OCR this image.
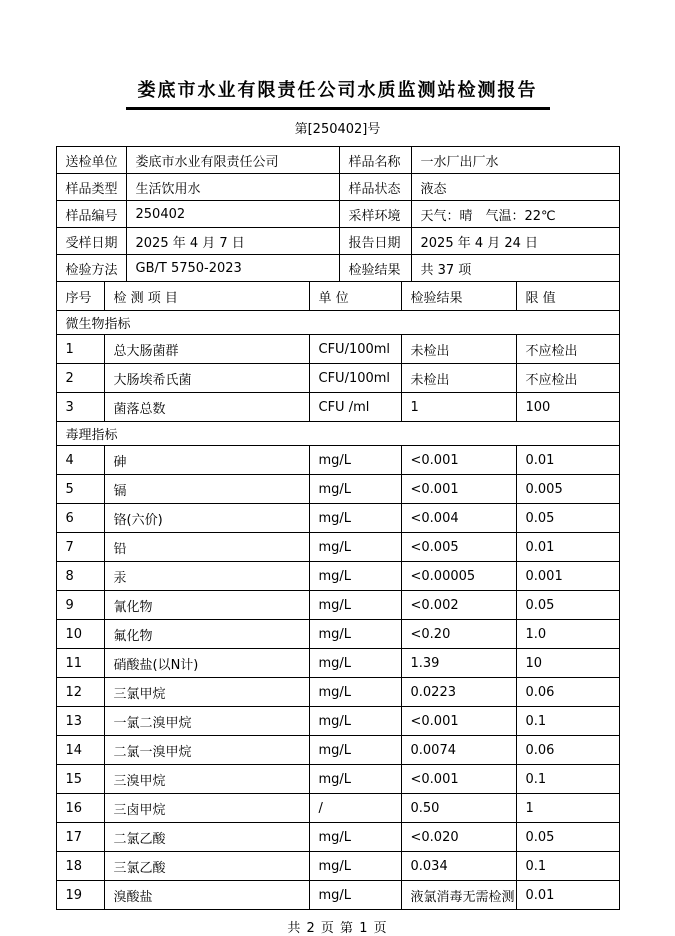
娄底市水业有限责任公司水质监测站检测报告
第[250402]号
送检单位	娄底市水业有限责任公司	样品名称	一水厂出厂水
样品类型	生活饮用水	样品状态	液态
样品编号	250402	采样环境	天气：晴　气温：22℃
受样日期	2025 年 4 月 7 日	报告日期	2025 年 4 月 24 日
检验方法	GB/T 5750-2023	检验结果	共 37 项
序号	检 测 项 目	单 位	检验结果	限 值
微生物指标				
1	总大肠菌群	CFU/100ml	未检出	不应检出
2	大肠埃希氏菌	CFU/100ml	未检出	不应检出
3	菌落总数	CFU /ml	1	100
毒理指标				
4	砷	mg/L	<0.001	0.01
5	镉	mg/L	<0.001	0.005
6	铬(六价)	mg/L	<0.004	0.05
7	铅	mg/L	<0.005	0.01
8	汞	mg/L	<0.00005	0.001
9	氰化物	mg/L	<0.002	0.05
10	氟化物	mg/L	<0.20	1.0
11	硝酸盐(以N计)	mg/L	1.39	10
12	三氯甲烷	mg/L	0.0223	0.06
13	一氯二溴甲烷	mg/L	<0.001	0.1
14	二氯一溴甲烷	mg/L	0.0074	0.06
15	三溴甲烷	mg/L	<0.001	0.1
16	三卤甲烷	/	0.50	1
17	二氯乙酸	mg/L	<0.020	0.05
18	三氯乙酸	mg/L	0.034	0.1
19	溴酸盐	mg/L	液氯消毒无需检测	0.01
共 2 页 第 1 页
